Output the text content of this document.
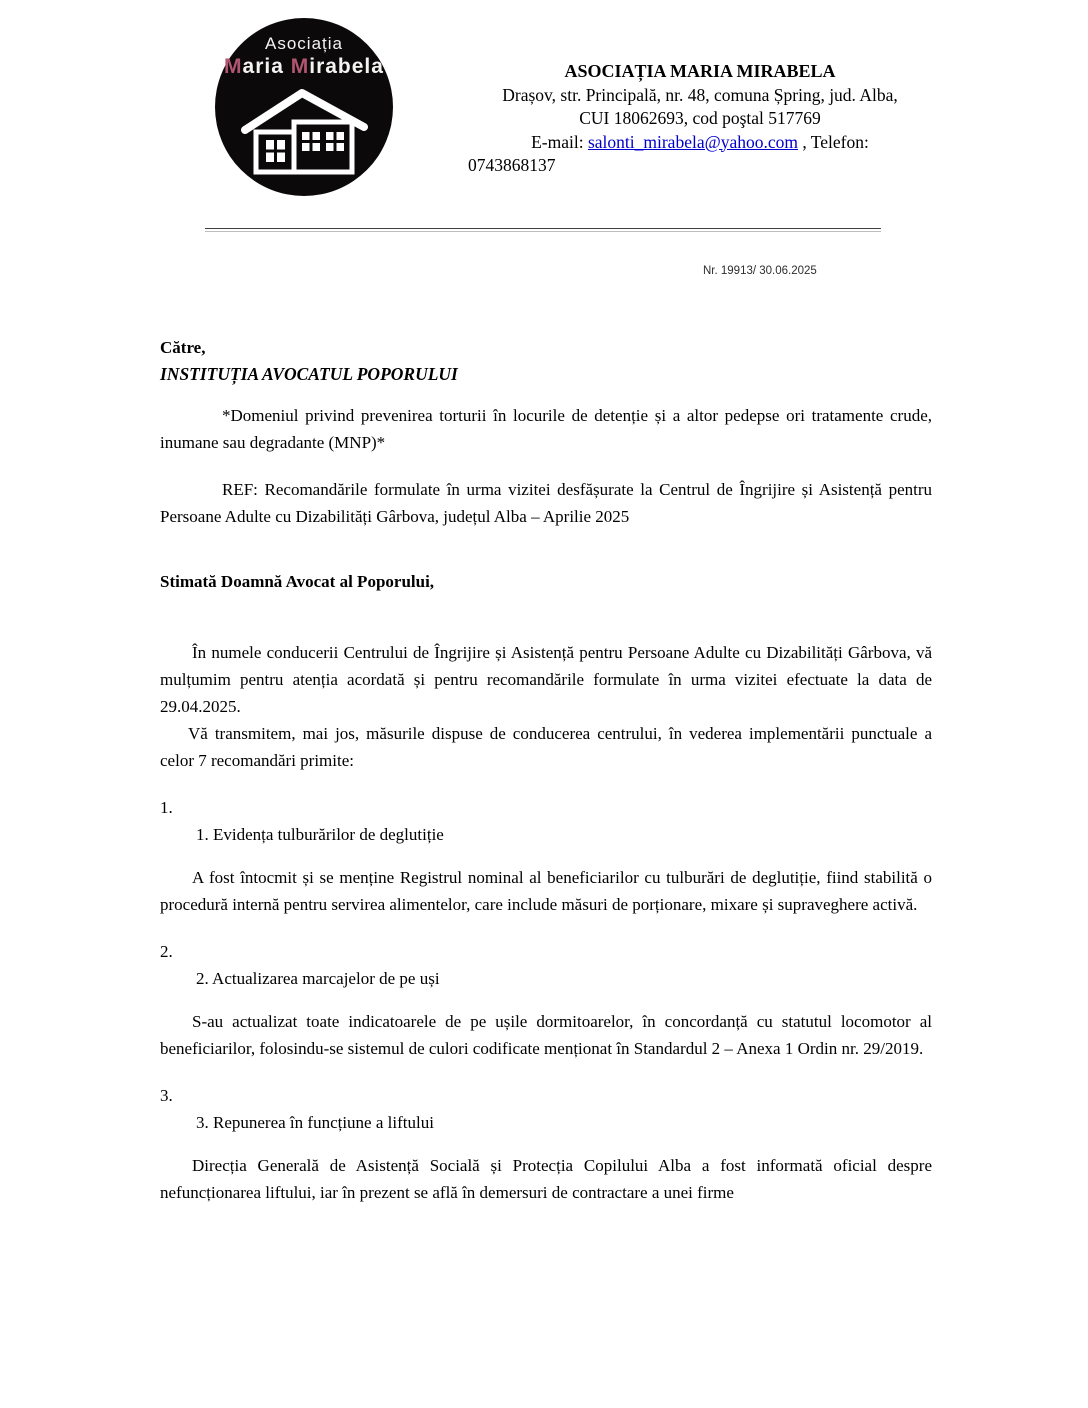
Asociația
Maria Mirabela	ASOCIAȚIA MARIA MIRABELA
Drașov, str. Principală, nr. 48, comuna Șpring, jud. Alba,
CUI 18062693, cod poştal 517769
E-mail: salonti_mirabela@yahoo.com , Telefon:
0743868137
Nr. 19913/ 30.06.2025

Către,

INSTITUȚIA AVOCATUL POPORULUI

*Domeniul privind prevenirea torturii în locurile de detenție și a altor pedepse ori tratamente crude, inumane sau degradante (MNP)*

REF: Recomandările formulate în urma vizitei desfășurate la Centrul de Îngrijire și Asistență pentru Persoane Adulte cu Dizabilități Gârbova, județul Alba – Aprilie 2025

Stimată Doamnă Avocat al Poporului,

În numele conducerii Centrului de Îngrijire și Asistență pentru Persoane Adulte cu Dizabilități Gârbova, vă mulțumim pentru atenția acordată și pentru recomandările formulate în urma vizitei efectuate la data de 29.04.2025.

Vă transmitem, mai jos, măsurile dispuse de conducerea centrului, în vederea implementării punctuale a celor 7 recomandări primite:

1.

1. Evidența tulburărilor de deglutiție

A fost întocmit și se menține Registrul nominal al beneficiarilor cu tulburări de deglutiție, fiind stabilită o procedură internă pentru servirea alimentelor, care include măsuri de porționare, mixare și supraveghere activă.

2.

2. Actualizarea marcajelor de pe uși

S-au actualizat toate indicatoarele de pe ușile dormitoarelor, în concordanță cu statutul locomotor al beneficiarilor, folosindu-se sistemul de culori codificate menționat în Standardul 2 – Anexa 1 Ordin nr. 29/2019.

3.

3. Repunerea în funcțiune a liftului

Direcția Generală de Asistență Socială și Protecția Copilului Alba a fost informată oficial despre nefuncționarea liftului, iar în prezent se află în demersuri de contractare a unei firme
